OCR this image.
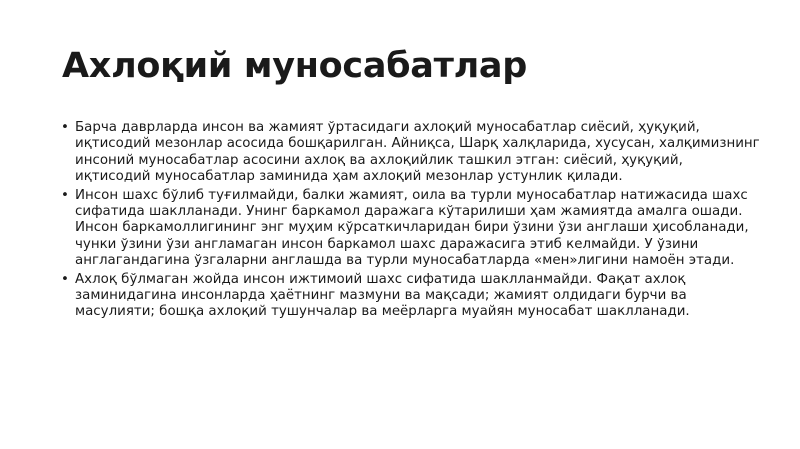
Ахлоқий муносабатлар
• Барча даврларда инсон ва жамият ўртасидаги ахлоқий муносабатлар сиёсий, ҳуқуқий, иқтисодий мезонлар асосида бошқарилган. Айниқса, Шарқ халқларида, хусусан, халқимизнинг инсоний муносабатлар асосини ахлоқ ва ахлоқийлик ташкил этган: сиёсий, ҳуқуқий, иқтисодий муносабатлар заминида ҳам ахлоқий мезонлар устунлик қилади.
• Инсон шахс бўлиб туғилмайди, балки жамият, оила ва турли муносабатлар натижасида шахс сифатида шаклланади. Унинг баркамол даражага кўтарилиши ҳам жамиятда амалга ошади. Инсон баркамоллигининг энг муҳим кўрсаткичларидан бири ўзини ўзи англаши ҳисобланади, чунки ўзини ўзи англамаган инсон баркамол шахс даражасига этиб келмайди. У ўзини англагандагина ўзгаларни англашда ва турли муносабатларда «мен»лигини намоён этади.
• Ахлоқ бўлмаган жойда инсон ижтимоий шахс сифатида шаклланмайди. Фақат ахлоқ заминидагина инсонларда ҳаётнинг мазмуни ва мақсади; жамият олдидаги бурчи ва масулияти; бошқа ахлоқий тушунчалар ва меёрларга муайян муносабат шаклланади.
